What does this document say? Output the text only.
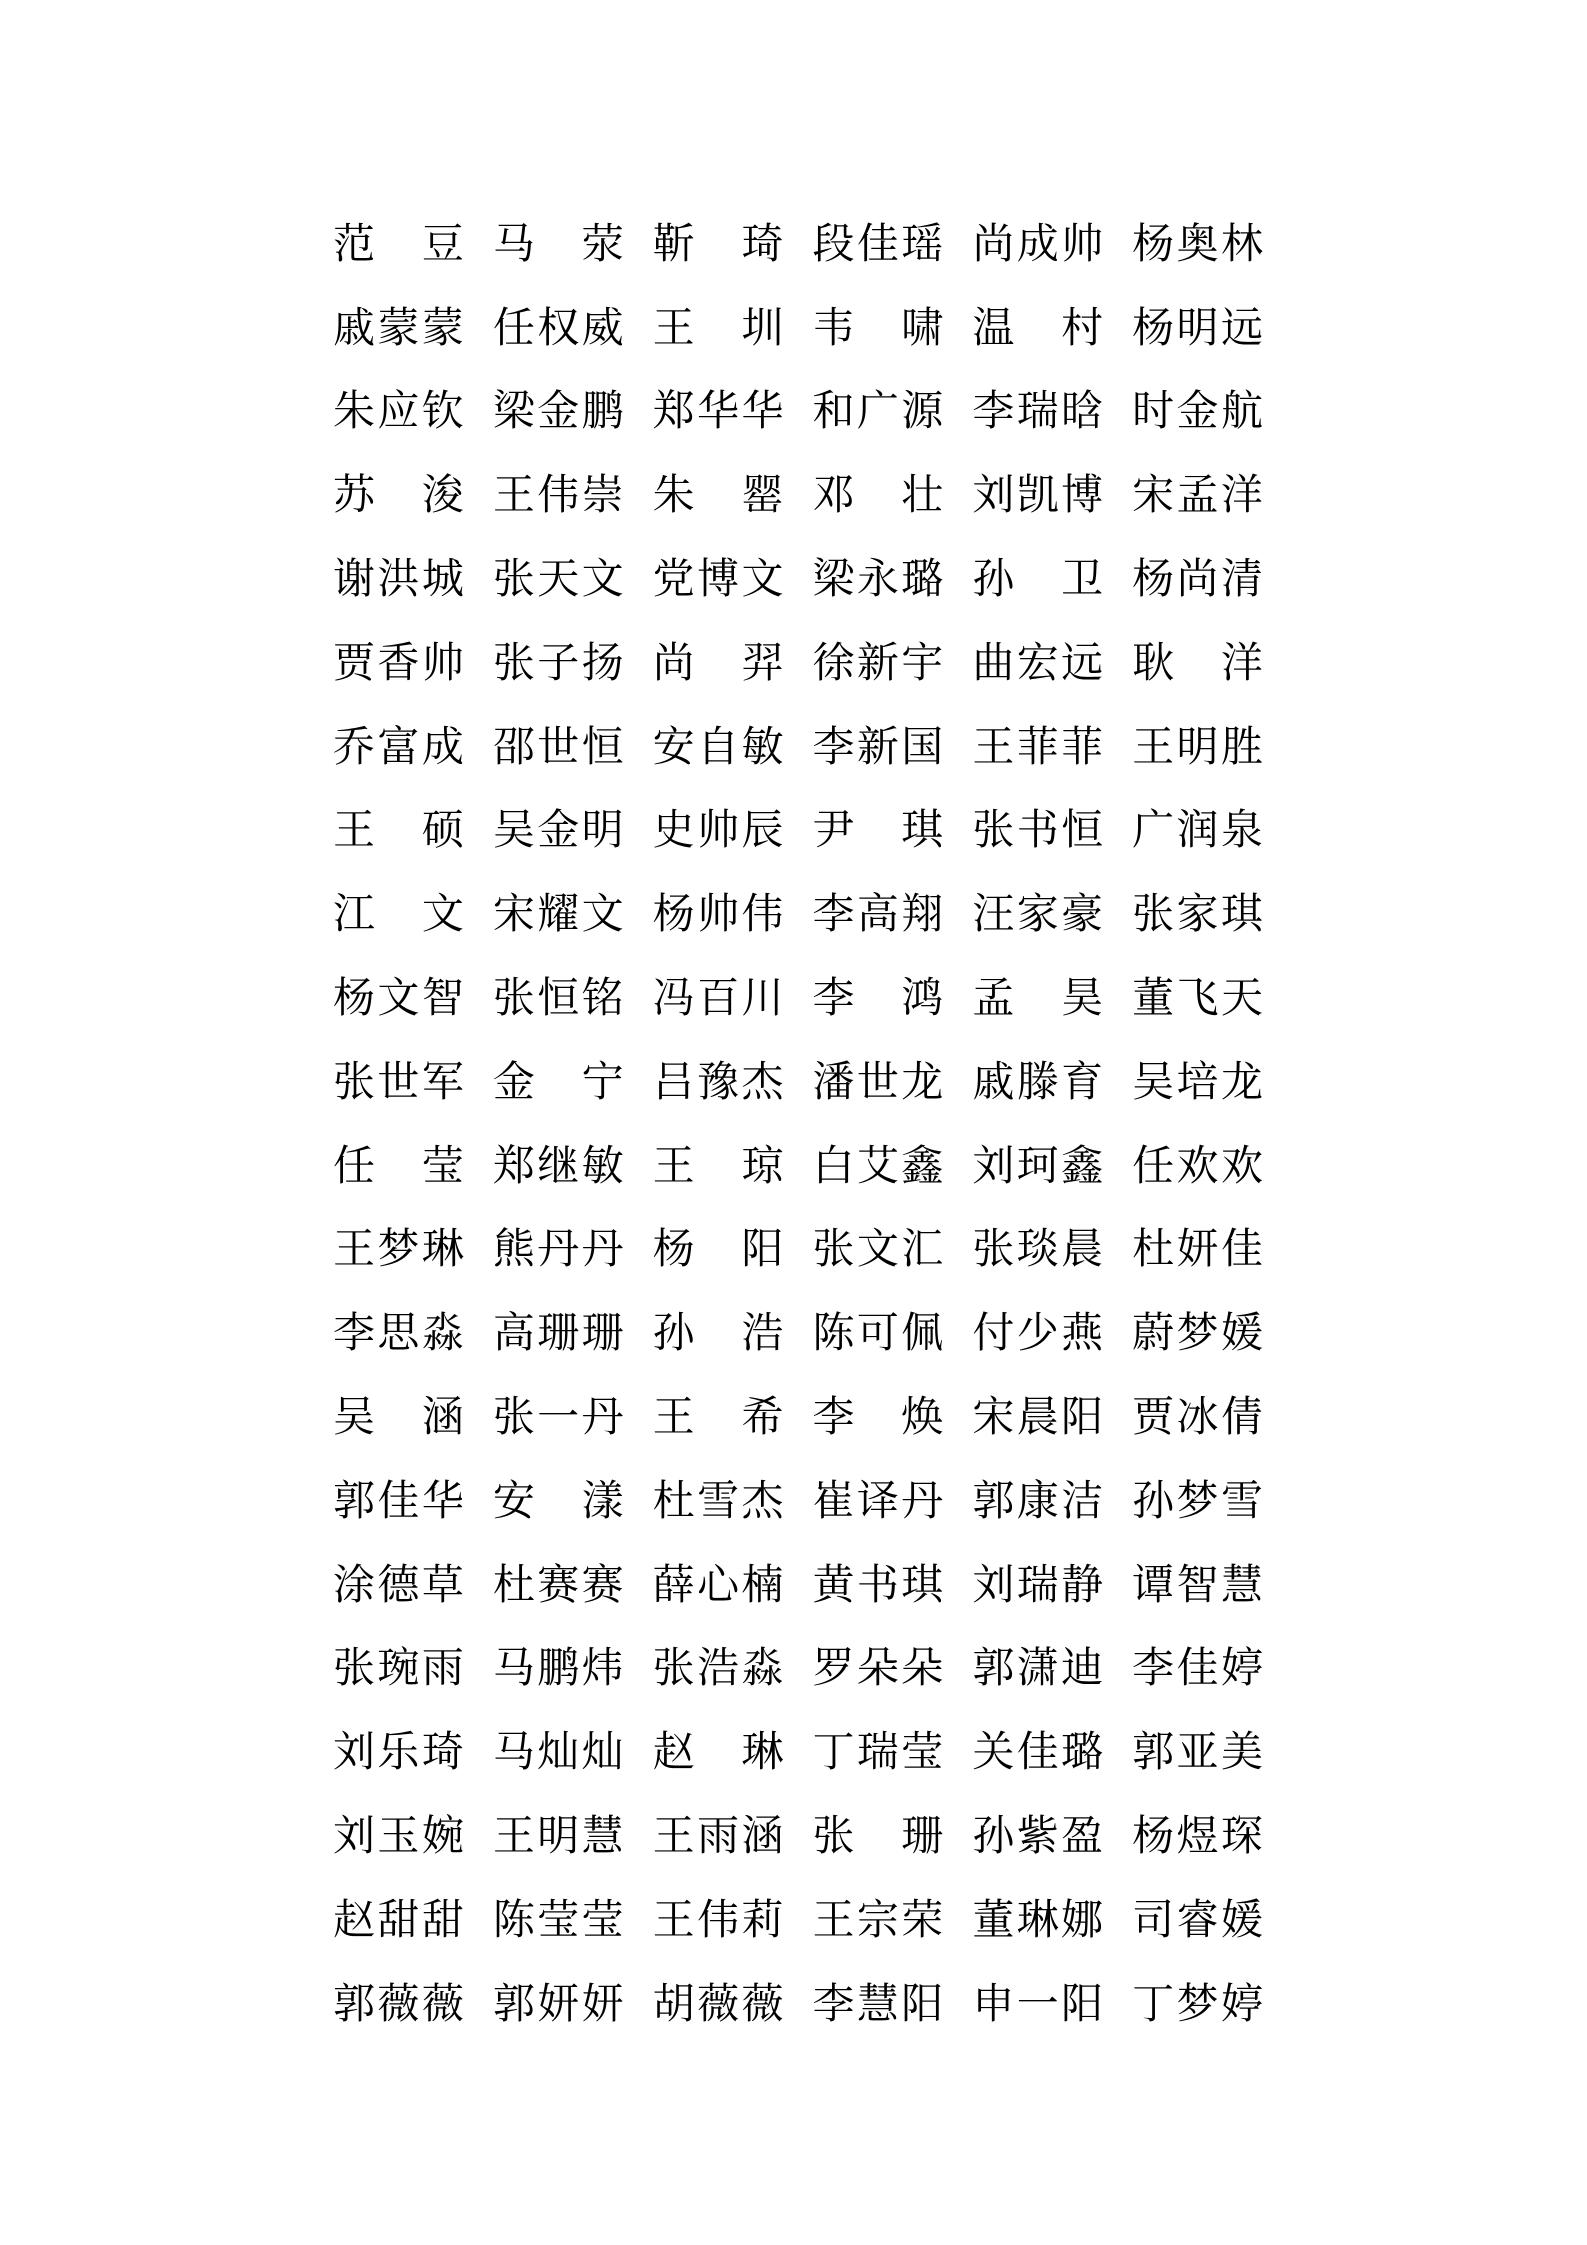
范 豆 马 荥 靳 琦 段 佳 瑶 尚 成 帅 杨 奥 林
戚 蒙 蒙 任 权 威 王 圳 韦 啸 温 村 杨 明 远
朱 应 钦 梁 金 鹏 郑 华 华 和 广 源 李 瑞 晗 时 金 航
苏 浚 王 伟 崇 朱 罂 邓 壮 刘 凯 博 宋 孟 洋
谢 洪 城 张 天 文 党 博 文 梁 永 璐 孙 卫 杨 尚 清
贾 香 帅 张 子 扬 尚 羿 徐 新 宇 曲 宏 远 耿 洋
乔 富 成 邵 世 恒 安 自 敏 李 新 国 王 菲 菲 王 明 胜
王 硕 吴 金 明 史 帅 辰 尹 琪 张 书 恒 广 润 泉
江 文 宋 耀 文 杨 帅 伟 李 高 翔 汪 家 豪 张 家 琪
杨 文 智 张 恒 铭 冯 百 川 李 鸿 孟 昊 董 飞 天
张 世 军 金 宁 吕 豫 杰 潘 世 龙 戚 滕 育 吴 培 龙
任 莹 郑 继 敏 王 琼 白 艾 鑫 刘 珂 鑫 任 欢 欢
王 梦 琳 熊 丹 丹 杨 阳 张 文 汇 张 琰 晨 杜 妍 佳
李 思 淼 高 珊 珊 孙 浩 陈 可 佩 付 少 燕 蔚 梦 媛
吴 涵 张 一 丹 王 希 李 焕 宋 晨 阳 贾 冰 倩
郭 佳 华 安 漾 杜 雪 杰 崔 译 丹 郭 康 洁 孙 梦 雪
涂 德 草 杜 赛 赛 薛 心 楠 黄 书 琪 刘 瑞 静 谭 智 慧
张 琬 雨 马 鹏 炜 张 浩 淼 罗 朵 朵 郭 潇 迪 李 佳 婷
刘 乐 琦 马 灿 灿 赵 琳 丁 瑞 莹 关 佳 璐 郭 亚 美
刘 玉 婉 王 明 慧 王 雨 涵 张 珊 孙 紫 盈 杨 煜 琛
赵 甜 甜 陈 莹 莹 王 伟 莉 王 宗 荣 董 琳 娜 司 睿 媛
郭 薇 薇 郭 妍 妍 胡 薇 薇 李 慧 阳 申 一 阳 丁 梦 婷
